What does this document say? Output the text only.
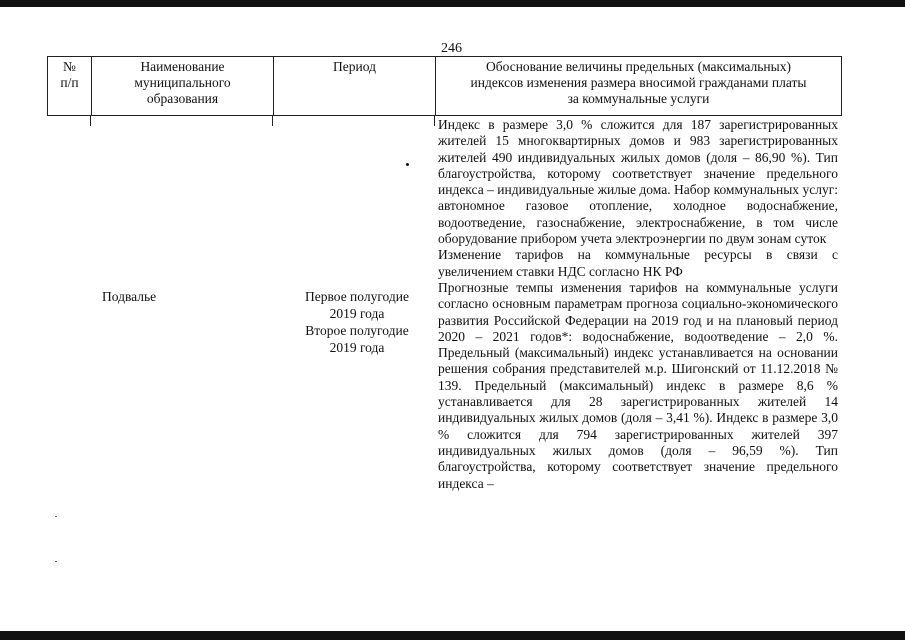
246
№
п/п
Наименование
муниципального
образования
Период	Обоснование величины предельных (максимальных)
индексов изменения размера вносимой гражданами платы
за коммунальные услуги

Индекс в размере 3,0 % сложится для 187 зарегистрированных жителей 15 многоквартирных домов и 983 зарегистрированных жителей 490 индивидуальных жилых домов (доля – 86,90 %). Тип благоустройства, которому соответствует значение предельного индекса – индивидуальные жилые дома. Набор коммунальных услуг: автономное газовое отопление, холодное водоснабжение, водоотведение, газоснабжение, электроснабжение, в том числе оборудование прибором учета электроэнергии по двум зонам суток

Изменение тарифов на коммунальные ресурсы в связи с увеличением ставки НДС согласно НК РФ

Прогнозные темпы изменения тарифов на коммунальные услуги согласно основным параметрам прогноза социально-экономического развития Российской Федерации на 2019 год и на плановый период 2020 – 2021 годов*: водоснабжение, водоотведение – 2,0 %. Предельный (максимальный) индекс устанавливается на основании решения собрания представителей м.р. Шигонский от 11.12.2018 № 139. Предельный (максимальный) индекс в размере 8,6 % устанавливается для 28 зарегистрированных жителей 14 индивидуальных жилых домов (доля – 3,41 %). Индекс в размере 3,0 % сложится для 794 зарегистрированных жителей 397 индивидуальных жилых домов (доля – 96,59 %). Тип благоустройства, которому соответствует значение предельного индекса –

Подвалье	Первое полугодие
2019 года

Второе полугодие
2019 года
